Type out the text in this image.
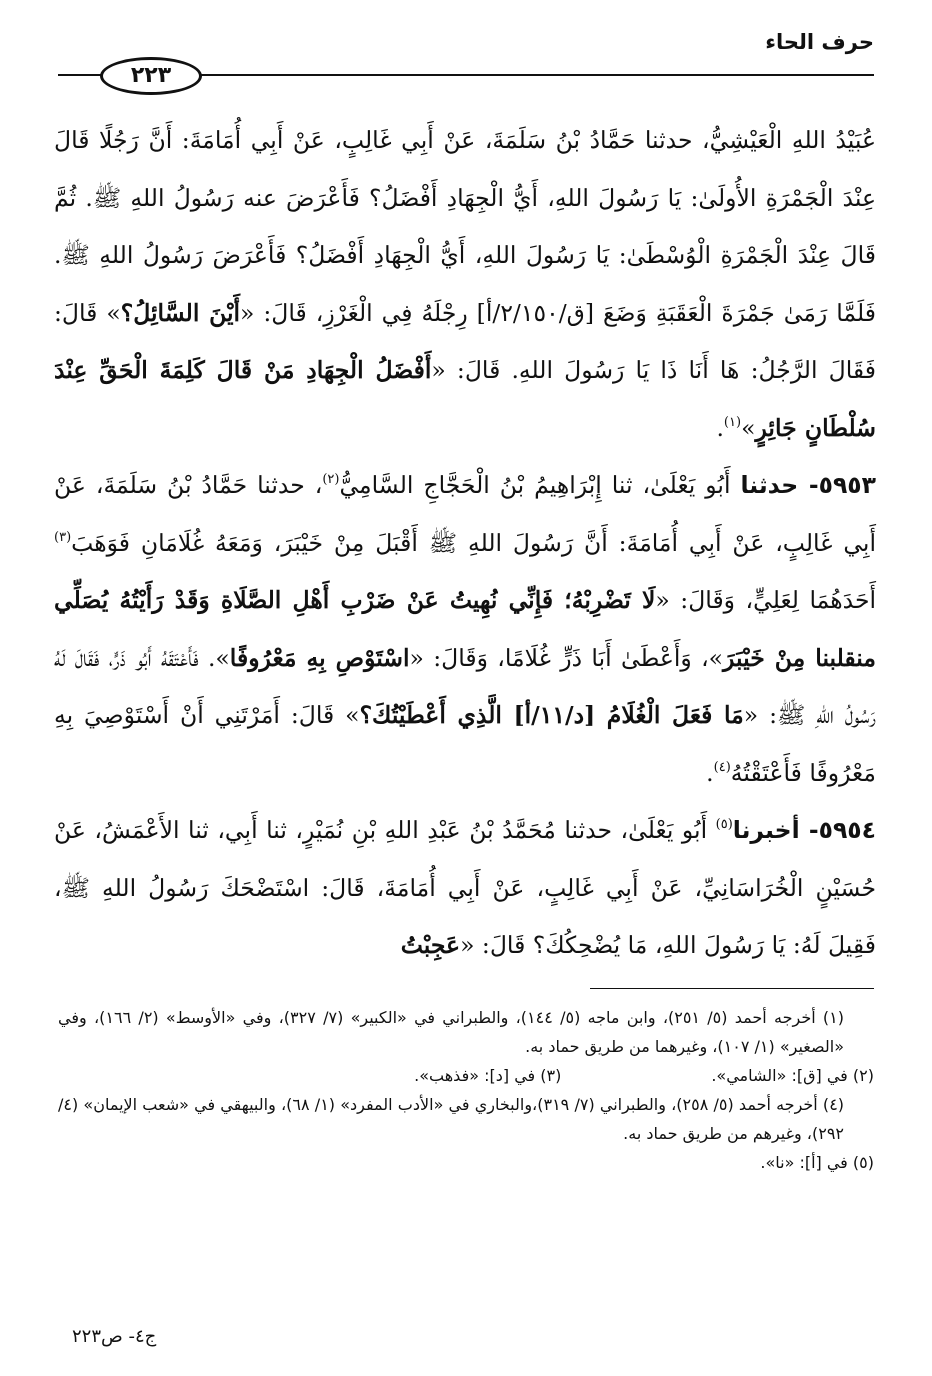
حرف الحاء
٢٢٣

عُبَيْدُ اللهِ الْعَيْشِيُّ، حدثنا حَمَّادُ بْنُ سَلَمَةَ، عَنْ أَبِي غَالِبٍ، عَنْ أَبِي أُمَامَةَ: أَنَّ رَجُلًا قَالَ عِنْدَ الْجَمْرَةِ الأُولَىٰ: يَا رَسُولَ اللهِ، أَيُّ الْجِهَادِ أَفْضَلُ؟ فَأَعْرَضَ عنه رَسُولُ اللهِ ﷺ. ثُمَّ قَالَ عِنْدَ الْجَمْرَةِ الْوُسْطَىٰ: يَا رَسُولَ اللهِ، أَيُّ الْجِهَادِ أَفْضَلُ؟ فَأَعْرَضَ رَسُولُ اللهِ ﷺ. فَلَمَّا رَمَىٰ جَمْرَةَ الْعَقَبَةِ وَضَعَ [ق/٢/١٥٠/أ] رِجْلَهُ فِي الْغَرْزِ، قَالَ: «أَيْنَ السَّائِلُ؟» قَالَ: فَقَالَ الرَّجُلُ: هَا أَنَا ذَا يَا رَسُولَ اللهِ. قَالَ: «أَفْضَلُ الْجِهَادِ مَنْ قَالَ كَلِمَةَ الْحَقِّ عِنْدَ سُلْطَانٍ جَائِرٍ»$^{(١)}$.

٥٩٥٣- حدثنا أَبُو يَعْلَىٰ، ثنا إِبْرَاهِيمُ بْنُ الْحَجَّاجِ السَّامِيُّ$^{(٢)}$، حدثنا حَمَّادُ بْنُ سَلَمَةَ، عَنْ أَبِي غَالِبٍ، عَنْ أَبِي أُمَامَةَ: أَنَّ رَسُولَ اللهِ ﷺ أَقْبَلَ مِنْ خَيْبَرَ، وَمَعَهُ غُلَامَانِ فَوَهَبَ$^{(٣)}$ أَحَدَهُمَا لِعَلِيٍّ، وَقَالَ: «لَا تَضْرِبْهُ؛ فَإِنِّي نُهِيتُ عَنْ ضَرْبِ أَهْلِ الصَّلَاةِ وَقَدْ رَأَيْتُهُ يُصَلِّي منقلبنا مِنْ خَيْبَرَ»، وَأَعْطَىٰ أَبَا ذَرٍّ غُلَامًا، وَقَالَ: «اسْتَوْصِ بِهِ مَعْرُوفًا». فَأَعْتَقَهُ أَبُو ذَرٍّ، فَقَالَ لَهُ رَسُولُ اللهِ ﷺ: «مَا فَعَلَ الْغُلَامُ [د/١١/أ] الَّذِي أَعْطَيْتُكَ؟» قَالَ: أَمَرْتَنِي أَنْ أَسْتَوْصِيَ بِهِ مَعْرُوفًا فَأَعْتَقْتُهُ$^{(٤)}$.

٥٩٥٤- أخبرنا$^{(٥)}$ أَبُو يَعْلَىٰ، حدثنا مُحَمَّدُ بْنُ عَبْدِ اللهِ بْنِ نُمَيْرٍ، ثنا أَبِي، ثنا الأَعْمَشُ، عَنْ حُسَيْنٍ الْخُرَاسَانِيِّ، عَنْ أَبِي غَالِبٍ، عَنْ أَبِي أُمَامَةَ، قَالَ: اسْتَضْحَكَ رَسُولُ اللهِ ﷺ، فَقِيلَ لَهُ: يَا رَسُولَ اللهِ، مَا يُضْحِكُكَ؟ قَالَ: «عَجِبْتُ

(١) أخرجه أحمد (٥/ ٢٥١)، وابن ماجه (٥/ ١٤٤)، والطبراني في «الكبير» (٧/ ٣٢٧)، وفي «الأوسط» (٢/ ١٦٦)، وفي «الصغير» (١/ ١٠٧)، وغيرهما من طريق حماد به.

(٢) في [ق]: «الشامي».

(٣) في [د]: «فذهب».

(٤) أخرجه أحمد (٥/ ٢٥٨)، والطبراني (٧/ ٣١٩)،والبخاري في «الأدب المفرد» (١/ ٦٨)، والبيهقي في «شعب الإيمان» (٤/ ٢٩٢)، وغيرهم من طريق حماد به.

(٥) في [أ]: «نا».

ج٤- ص٢٢٣
